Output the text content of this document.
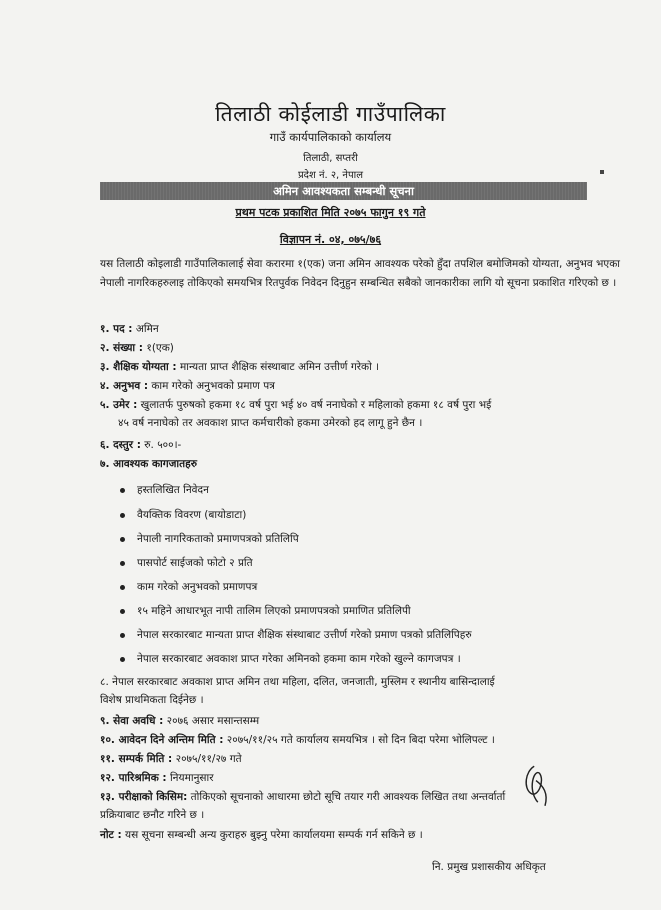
तिलाठी कोईलाडी गाउँपालिका
गाउँ कार्यपालिकाको कार्यालय
तिलाठी, सप्तरी
प्रदेश नं. २, नेपाल
अमिन आवश्यकता सम्बन्धी सूचना
प्रथम पटक प्रकाशित मिति २०७५ फागुन १९ गते
विज्ञापन नं. ०४, ०७५/७६
यस तिलाठी कोइलाडी गाउँपालिकालाई सेवा करारमा १(एक) जना अमिन आवश्यक परेको हुँदा तपशिल बमोजिमको योग्यता, अनुभव भएका नेपाली नागरिकहरुलाइ तोकिएको समयभित्र रितपुर्वक निवेदन दिनुहुन सम्बन्धित सबैको जानकारीका लागि यो सूचना प्रकाशित गरिएको छ ।
१. पद : अमिन
२. संख्या : १(एक)
३. शैक्षिक योग्यता : मान्यता प्राप्त शैक्षिक संस्थाबाट अमिन उत्तीर्ण गरेको ।
४. अनुभव : काम गरेको अनुभवको प्रमाण पत्र
५. उमेर : खुलातर्फ पुरुषको हकमा १८ वर्ष पुरा भई ४० वर्ष ननाघेको र महिलाको हकमा १८ वर्ष पुरा भई
४५ वर्ष ननाघेको तर अवकाश प्राप्त कर्मचारीको हकमा उमेरको हद लागू हुने छैन ।
६. दस्तुर : रु. ५००।-
७. आवश्यक कागजातहरु
हस्तलिखित निवेदन
वैयक्तिक विवरण (बायोडाटा)
नेपाली नागरिकताको प्रमाणपत्रको प्रतिलिपि
पासपोर्ट साईजको फोटो २ प्रति
काम गरेको अनुभवको प्रमाणपत्र
१५ महिने आधारभूत नापी तालिम लिएको प्रमाणपत्रको प्रमाणित प्रतिलिपी
नेपाल सरकारबाट मान्यता प्राप्त शैक्षिक संस्थाबाट उत्तीर्ण गरेको प्रमाण पत्रको प्रतिलिपिहरु
नेपाल सरकारबाट अवकाश प्राप्त गरेका अमिनको हकमा काम गरेको खुल्ने कागजपत्र ।
८. नेपाल सरकारबाट अवकाश प्राप्त अमिन तथा महिला, दलित, जनजाती, मुस्लिम र स्थानीय बासिन्दालाई
विशेष प्राथमिकता दिईनेछ ।
९. सेवा अवधि : २०७६ असार मसान्तसम्म
१०. आवेदन दिने अन्तिम मिति : २०७५/११/२५ गते कार्यालय समयभित्र । सो दिन बिदा परेमा भोलिपल्ट ।
११. सम्पर्क मिति : २०७५/११/२७ गते
१२. पारिश्रमिक : नियमानुसार
१३. परीक्षाको किसिम: तोकिएको सूचनाको आधारमा छोटो सूचि तयार गरी आवश्यक लिखित तथा अन्तर्वार्ता
प्रक्रियाबाट छनौट गरिने छ ।
नोट : यस सूचना सम्बन्धी अन्य कुराहरु बुझ्नु परेमा कार्यालयमा सम्पर्क गर्न सकिने छ ।
नि. प्रमुख प्रशासकीय अधिकृत
